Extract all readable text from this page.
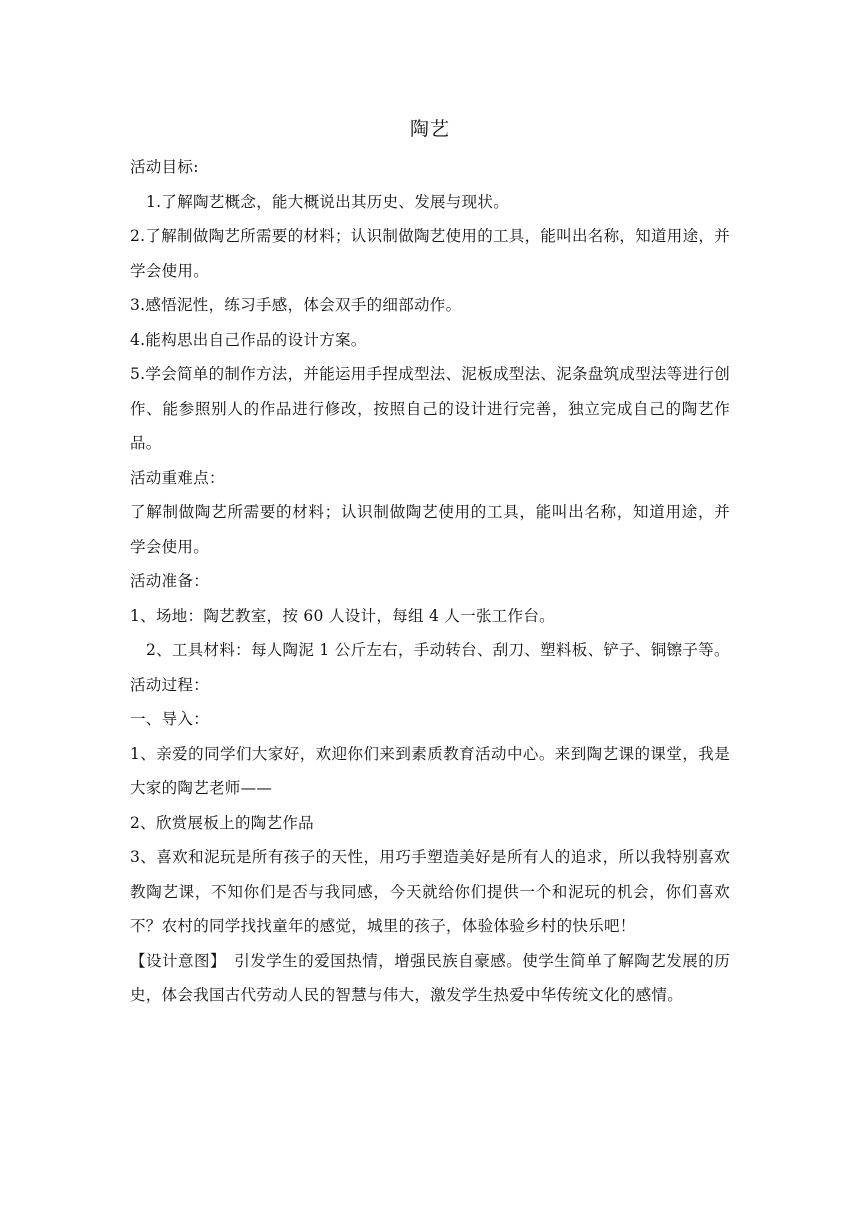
陶艺

活动目标:

1.了解陶艺概念，能大概说出其历史、发展与现状。

2.了解制做陶艺所需要的材料；认识制做陶艺使用的工具，能叫出名称，知道用途，并学会使用。

3.感悟泥性，练习手感，体会双手的细部动作。

4.能构思出自己作品的设计方案。

5.学会简单的制作方法，并能运用手捏成型法、泥板成型法、泥条盘筑成型法等进行创作、能参照别人的作品进行修改，按照自己的设计进行完善，独立完成自己的陶艺作品。

活动重难点：

了解制做陶艺所需要的材料；认识制做陶艺使用的工具，能叫出名称，知道用途，并学会使用。

活动准备：

1、场地：陶艺教室，按 60 人设计，每组 4 人一张工作台。

2、工具材料：每人陶泥 1 公斤左右，手动转台、刮刀、塑料板、铲子、铜镲子等。

活动过程：

一、导入：

1、亲爱的同学们大家好，欢迎你们来到素质教育活动中心。来到陶艺课的课堂，我是大家的陶艺老师——

2、欣赏展板上的陶艺作品

3、喜欢和泥玩是所有孩子的天性，用巧手塑造美好是所有人的追求，所以我特别喜欢教陶艺课，不知你们是否与我同感，今天就给你们提供一个和泥玩的机会，你们喜欢不？农村的同学找找童年的感觉，城里的孩子，体验体验乡村的快乐吧！

【设计意图】　引发学生的爱国热情，增强民族自豪感。使学生简单了解陶艺发展的历史，体会我国古代劳动人民的智慧与伟大，激发学生热爱中华传统文化的感情。
